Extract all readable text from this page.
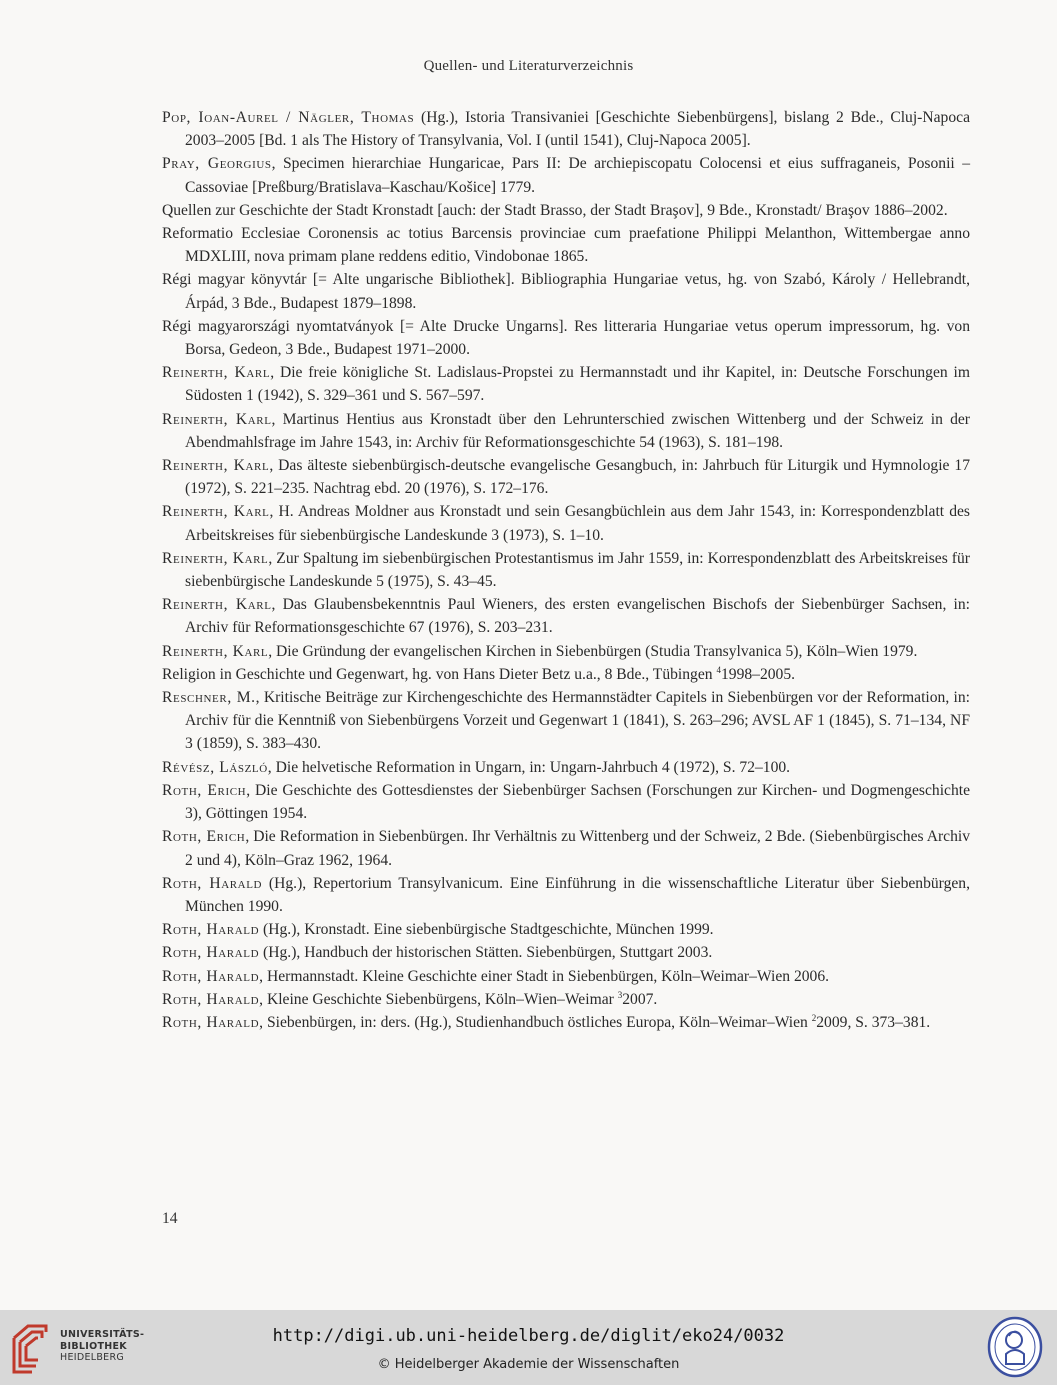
Quellen- und Literaturverzeichnis

Pop, Ioan-Aurel / Nägler, Thomas (Hg.), Istoria Transivaniei [Geschichte Siebenbürgens], bislang 2 Bde., Cluj-Napoca 2003–2005 [Bd. 1 als The History of Transylvania, Vol. I (until 1541), Cluj-Napoca 2005].

Pray, Georgius, Specimen hierarchiae Hungaricae, Pars II: De archiepiscopatu Colocensi et eius suffraganeis, Posonii – Cassoviae [Preßburg/Bratislava–Kaschau/Košice] 1779.

Quellen zur Geschichte der Stadt Kronstadt [auch: der Stadt Brasso, der Stadt Braşov], 9 Bde., Kronstadt/ Braşov 1886–2002.

Reformatio Ecclesiae Coronensis ac totius Barcensis provinciae cum praefatione Philippi Melanthon, Wittembergae anno MDXLIII, nova primam plane reddens editio, Vindobonae 1865.

Régi magyar könyvtár [= Alte ungarische Bibliothek]. Bibliographia Hungariae vetus, hg. von Szabó, Károly / Hellebrandt, Árpád, 3 Bde., Budapest 1879–1898.

Régi magyarországi nyomtatványok [= Alte Drucke Ungarns]. Res litteraria Hungariae vetus operum impressorum, hg. von Borsa, Gedeon, 3 Bde., Budapest 1971–2000.

Reinerth, Karl, Die freie königliche St. Ladislaus-Propstei zu Hermannstadt und ihr Kapitel, in: Deutsche Forschungen im Südosten 1 (1942), S. 329–361 und S. 567–597.

Reinerth, Karl, Martinus Hentius aus Kronstadt über den Lehrunterschied zwischen Wittenberg und der Schweiz in der Abendmahlsfrage im Jahre 1543, in: Archiv für Reformationsgeschichte 54 (1963), S. 181–198.

Reinerth, Karl, Das älteste siebenbürgisch-deutsche evangelische Gesangbuch, in: Jahrbuch für Liturgik und Hymnologie 17 (1972), S. 221–235. Nachtrag ebd. 20 (1976), S. 172–176.

Reinerth, Karl, H. Andreas Moldner aus Kronstadt und sein Gesangbüchlein aus dem Jahr 1543, in: Korrespondenzblatt des Arbeitskreises für siebenbürgische Landeskunde 3 (1973), S. 1–10.

Reinerth, Karl, Zur Spaltung im siebenbürgischen Protestantismus im Jahr 1559, in: Korrespondenzblatt des Arbeitskreises für siebenbürgische Landeskunde 5 (1975), S. 43–45.

Reinerth, Karl, Das Glaubensbekenntnis Paul Wieners, des ersten evangelischen Bischofs der Siebenbürger Sachsen, in: Archiv für Reformationsgeschichte 67 (1976), S. 203–231.

Reinerth, Karl, Die Gründung der evangelischen Kirchen in Siebenbürgen (Studia Transylvanica 5), Köln–Wien 1979.

Religion in Geschichte und Gegenwart, hg. von Hans Dieter Betz u.a., 8 Bde., Tübingen $^4$1998–2005.

Reschner, M., Kritische Beiträge zur Kirchengeschichte des Hermannstädter Capitels in Siebenbürgen vor der Reformation, in: Archiv für die Kenntniß von Siebenbürgens Vorzeit und Gegenwart 1 (1841), S. 263–296; AVSL AF 1 (1845), S. 71–134, NF 3 (1859), S. 383–430.

Révész, László, Die helvetische Reformation in Ungarn, in: Ungarn-Jahrbuch 4 (1972), S. 72–100.

Roth, Erich, Die Geschichte des Gottesdienstes der Siebenbürger Sachsen (Forschungen zur Kirchen- und Dogmengeschichte 3), Göttingen 1954.

Roth, Erich, Die Reformation in Siebenbürgen. Ihr Verhältnis zu Wittenberg und der Schweiz, 2 Bde. (Siebenbürgisches Archiv 2 und 4), Köln–Graz 1962, 1964.

Roth, Harald (Hg.), Repertorium Transylvanicum. Eine Einführung in die wissenschaftliche Literatur über Siebenbürgen, München 1990.

Roth, Harald (Hg.), Kronstadt. Eine siebenbürgische Stadtgeschichte, München 1999.

Roth, Harald (Hg.), Handbuch der historischen Stätten. Siebenbürgen, Stuttgart 2003.

Roth, Harald, Hermannstadt. Kleine Geschichte einer Stadt in Siebenbürgen, Köln–Weimar–Wien 2006.

Roth, Harald, Kleine Geschichte Siebenbürgens, Köln–Wien–Weimar $^3$2007.

Roth, Harald, Siebenbürgen, in: ders. (Hg.), Studienhandbuch östliches Europa, Köln–Weimar–Wien $^2$2009, S. 373–381.

14
UNIVERSITÄTS-
BIBLIOTHEK
HEIDELBERG
http://digi.ub.uni-heidelberg.de/diglit/eko24/0032
© Heidelberger Akademie der Wissenschaften
